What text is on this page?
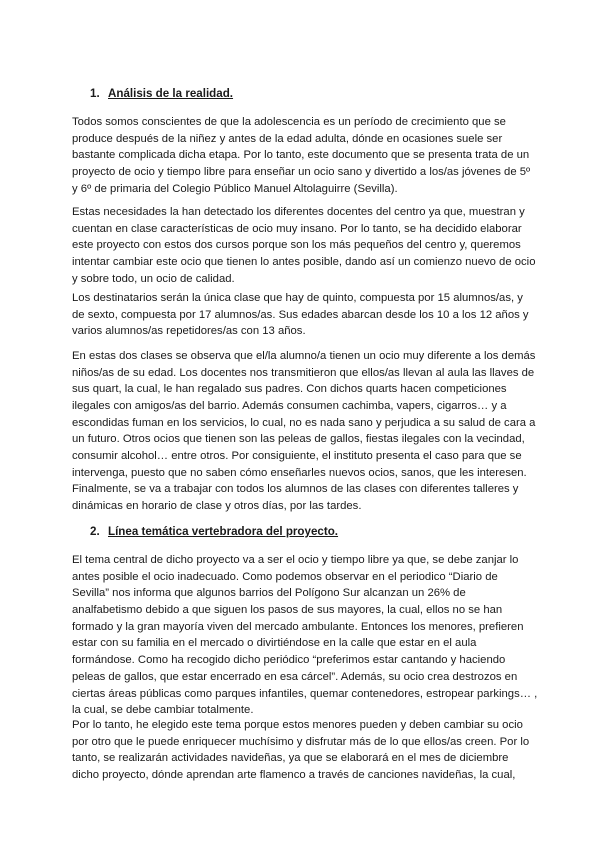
1. Análisis de la realidad.
Todos somos conscientes de que la adolescencia es un período de crecimiento que se
produce después de la niñez y antes de la edad adulta, dónde en ocasiones suele ser
bastante complicada dicha etapa. Por lo tanto, este documento que se presenta trata de un
proyecto de ocio y tiempo libre para enseñar un ocio sano y divertido a los/as jóvenes de 5º
y 6º de primaria del Colegio Público Manuel Altolaguirre (Sevilla).
Estas necesidades la han detectado los diferentes docentes del centro ya que, muestran y
cuentan en clase características de ocio muy insano. Por lo tanto, se ha decidido elaborar
este proyecto con estos dos cursos porque son los más pequeños del centro y, queremos
intentar cambiar este ocio que tienen lo antes posible, dando así un comienzo nuevo de ocio
y sobre todo, un ocio de calidad.
Los destinatarios serán la única clase que hay de quinto, compuesta por 15 alumnos/as, y
de sexto, compuesta por 17 alumnos/as. Sus edades abarcan desde los 10 a los 12 años y
varios alumnos/as repetidores/as con 13 años.
En estas dos clases se observa que el/la alumno/a tienen un ocio muy diferente a los demás
niños/as de su edad. Los docentes nos transmitieron que ellos/as llevan al aula las llaves de
sus quart, la cual, le han regalado sus padres. Con dichos quarts hacen competiciones
ilegales con amigos/as del barrio. Además consumen cachimba, vapers, cigarros… y a
escondidas fuman en los servicios, lo cual, no es nada sano y perjudica a su salud de cara a
un futuro. Otros ocios que tienen son las peleas de gallos, fiestas ilegales con la vecindad,
consumir alcohol… entre otros. Por consiguiente, el instituto presenta el caso para que se
intervenga, puesto que no saben cómo enseñarles nuevos ocios, sanos, que les interesen.
Finalmente, se va a trabajar con todos los alumnos de las clases con diferentes talleres y
dinámicas en horario de clase y otros días, por las tardes.
2. Línea temática vertebradora del proyecto.
El tema central de dicho proyecto va a ser el ocio y tiempo libre ya que, se debe zanjar lo
antes posible el ocio inadecuado. Como podemos observar en el periodico “Diario de
Sevilla” nos informa que algunos barrios del Polígono Sur alcanzan un 26% de
analfabetismo debido a que siguen los pasos de sus mayores, la cual, ellos no se han
formado y la gran mayoría viven del mercado ambulante. Entonces los menores, prefieren
estar con su familia en el mercado o divirtiéndose en la calle que estar en el aula
formándose. Como ha recogido dicho periódico “preferimos estar cantando y haciendo
peleas de gallos, que estar encerrado en esa cárcel”. Además, su ocio crea destrozos en
ciertas áreas públicas como parques infantiles, quemar contenedores, estropear parkings… ,
la cual, se debe cambiar totalmente.
Por lo tanto, he elegido este tema porque estos menores pueden y deben cambiar su ocio
por otro que le puede enriquecer muchísimo y disfrutar más de lo que ellos/as creen. Por lo
tanto, se realizarán actividades navideñas, ya que se elaborará en el mes de diciembre
dicho proyecto, dónde aprendan arte flamenco a través de canciones navideñas, la cual,
